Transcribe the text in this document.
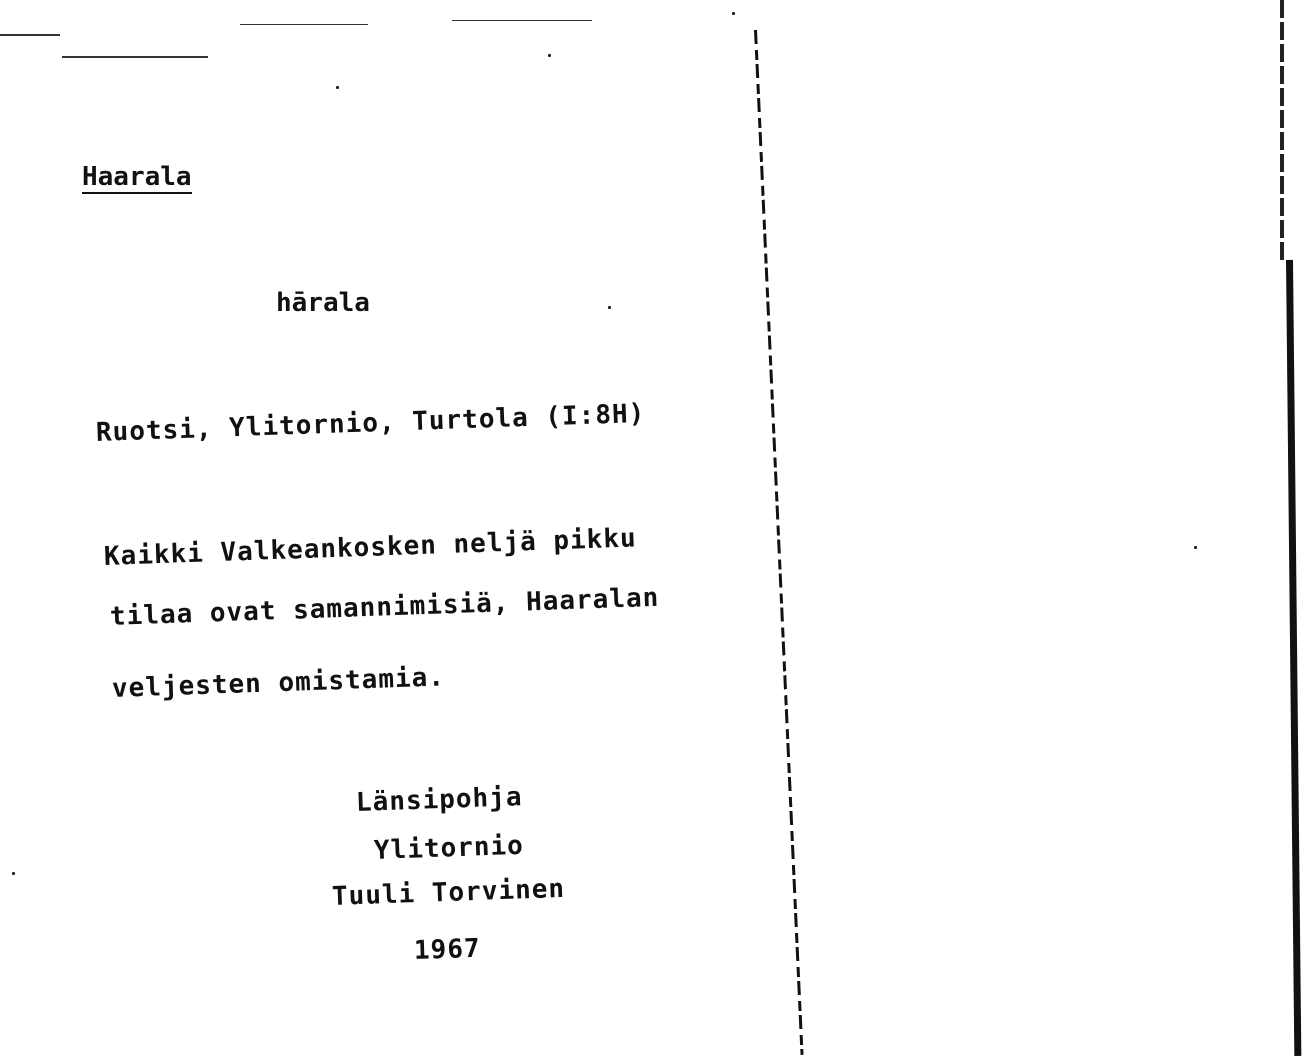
Haarala
hārala
Ruotsi, Ylitornio, Turtola (I:8H)
Kaikki Valkeankosken neljä pikku
tilaa ovat samannimisiä, Haaralan
veljesten omistamia.
Länsipohja
Ylitornio
Tuuli Torvinen
1967
